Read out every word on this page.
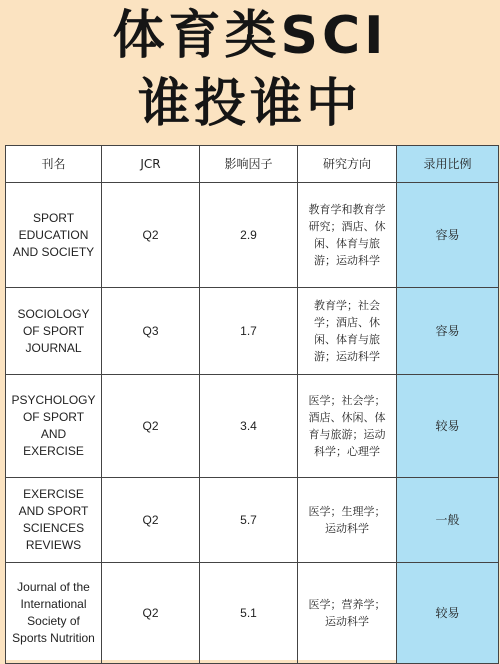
体育类SCI
谁投谁中
刊名	JCR	影响因子	研究方向	录用比例
SPORT EDUCATION AND SOCIETY	Q2	2.9	教育学和教育学研究；酒店、休闲、体育与旅游；运动科学	容易
SOCIOLOGY OF SPORT JOURNAL	Q3	1.7	教育学；社会学；酒店、休闲、体育与旅游；运动科学	容易
PSYCHOLOGY OF SPORT AND EXERCISE	Q2	3.4	医学；社会学；酒店、休闲、体育与旅游；运动科学；心理学	较易
EXERCISE AND SPORT SCIENCES REVIEWS	Q2	5.7	医学；生理学；运动科学	一般
Journal of the International Society of Sports Nutrition	Q2	5.1	医学；营养学；运动科学	较易
